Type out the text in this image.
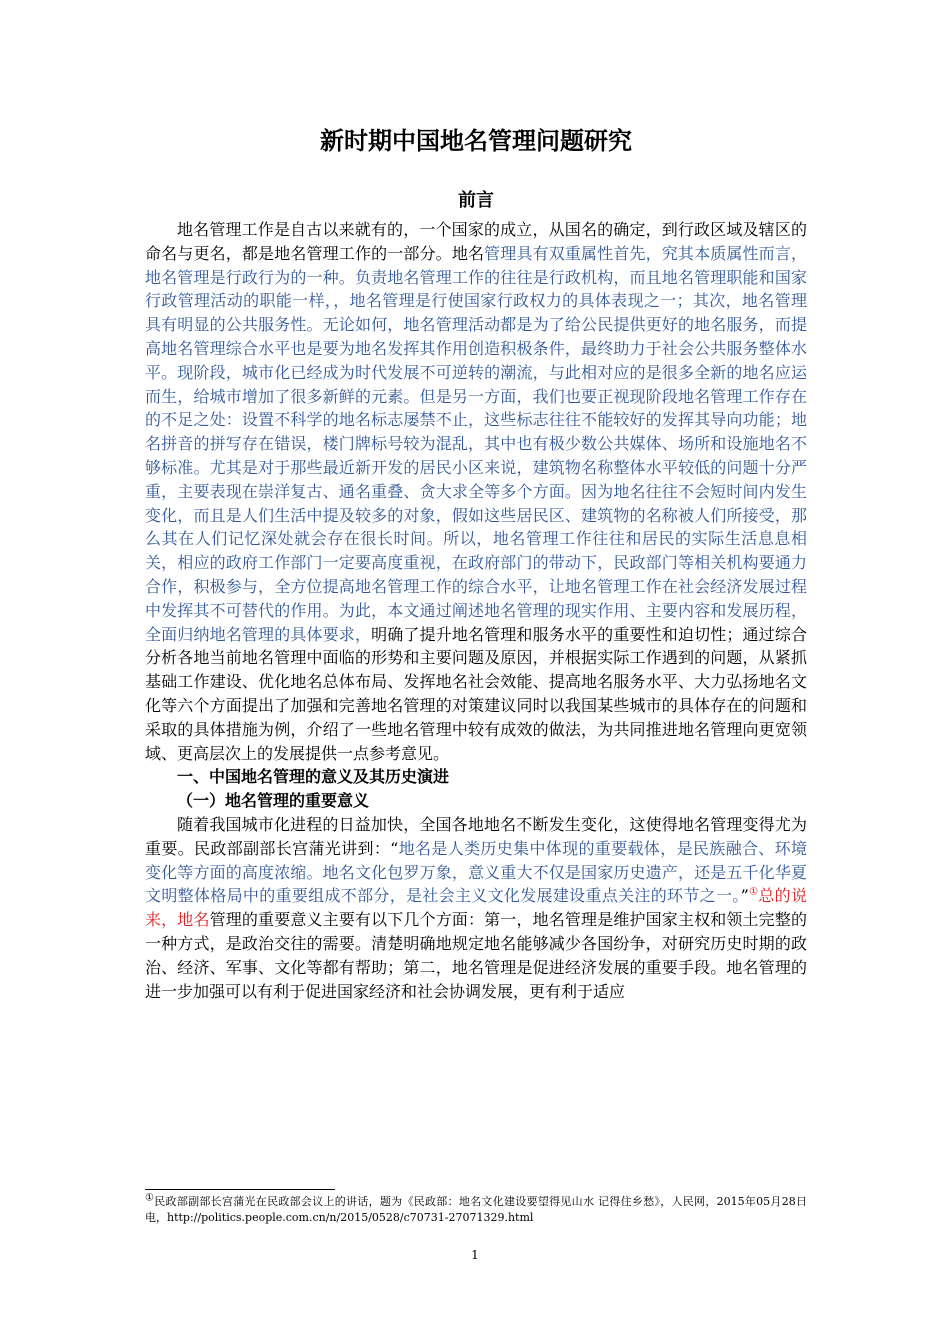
新时期中国地名管理问题研究
前言

地名管理工作是自古以来就有的，一个国家的成立，从国名的确定，到行政区域及辖区的命名与更名，都是地名管理工作的一部分。地名管理具有双重属性首先，究其本质属性而言，地名管理是行政行为的一种。负责地名管理工作的往往是行政机构，而且地名管理职能和国家行政管理活动的职能一样，，地名管理是行使国家行政权力的具体表现之一；其次，地名管理具有明显的公共服务性。无论如何，地名管理活动都是为了给公民提供更好的地名服务，而提高地名管理综合水平也是要为地名发挥其作用创造积极条件，最终助力于社会公共服务整体水平。现阶段，城市化已经成为时代发展不可逆转的潮流，与此相对应的是很多全新的地名应运而生，给城市增加了很多新鲜的元素。但是另一方面，我们也要正视现阶段地名管理工作存在的不足之处：设置不科学的地名标志屡禁不止，这些标志往往不能较好的发挥其导向功能；地名拼音的拼写存在错误，楼门牌标号较为混乱，其中也有极少数公共媒体、场所和设施地名不够标准。尤其是对于那些最近新开发的居民小区来说，建筑物名称整体水平较低的问题十分严重，主要表现在崇洋复古、通名重叠、贪大求全等多个方面。因为地名往往不会短时间内发生变化，而且是人们生活中提及较多的对象，假如这些居民区、建筑物的名称被人们所接受，那么其在人们记忆深处就会存在很长时间。所以，地名管理工作往往和居民的实际生活息息相关，相应的政府工作部门一定要高度重视，在政府部门的带动下，民政部门等相关机构要通力合作，积极参与，全方位提高地名管理工作的综合水平，让地名管理工作在社会经济发展过程中发挥其不可替代的作用。为此，本文通过阐述地名管理的现实作用、主要内容和发展历程，全面归纳地名管理的具体要求，明确了提升地名管理和服务水平的重要性和迫切性；通过综合分析各地当前地名管理中面临的形势和主要问题及原因，并根据实际工作遇到的问题，从紧抓基础工作建设、优化地名总体布局、发挥地名社会效能、提高地名服务水平、大力弘扬地名文化等六个方面提出了加强和完善地名管理的对策建议同时以我国某些城市的具体存在的问题和采取的具体措施为例，介绍了一些地名管理中较有成效的做法，为共同推进地名管理向更宽领域、更高层次上的发展提供一点参考意见。

一、中国地名管理的意义及其历史演进

（一）地名管理的重要意义

随着我国城市化进程的日益加快，全国各地地名不断发生变化，这使得地名管理变得尤为重要。民政部副部长宫蒲光讲到：“地名是人类历史集中体现的重要载体，是民族融合、环境变化等方面的高度浓缩。地名文化包罗万象，意义重大不仅是国家历史遗产，还是五千化华夏文明整体格局中的重要组成不部分，是社会主义文化发展建设重点关注的环节之一。”①总的说来，地名管理的重要意义主要有以下几个方面：第一，地名管理是维护国家主权和领土完整的一种方式，是政治交往的需要。清楚明确地规定地名能够减少各国纷争，对研究历史时期的政治、经济、军事、文化等都有帮助；第二，地名管理是促进经济发展的重要手段。地名管理的进一步加强可以有利于促进国家经济和社会协调发展，更有利于适应

①民政部副部长宫蒲光在民政部会议上的讲话，题为《民政部：地名文化建设要望得见山水 记得住乡愁》，人民网，2015年05月28日电，http://politics.people.com.cn/n/2015/0528/c70731-27071329.html
1
